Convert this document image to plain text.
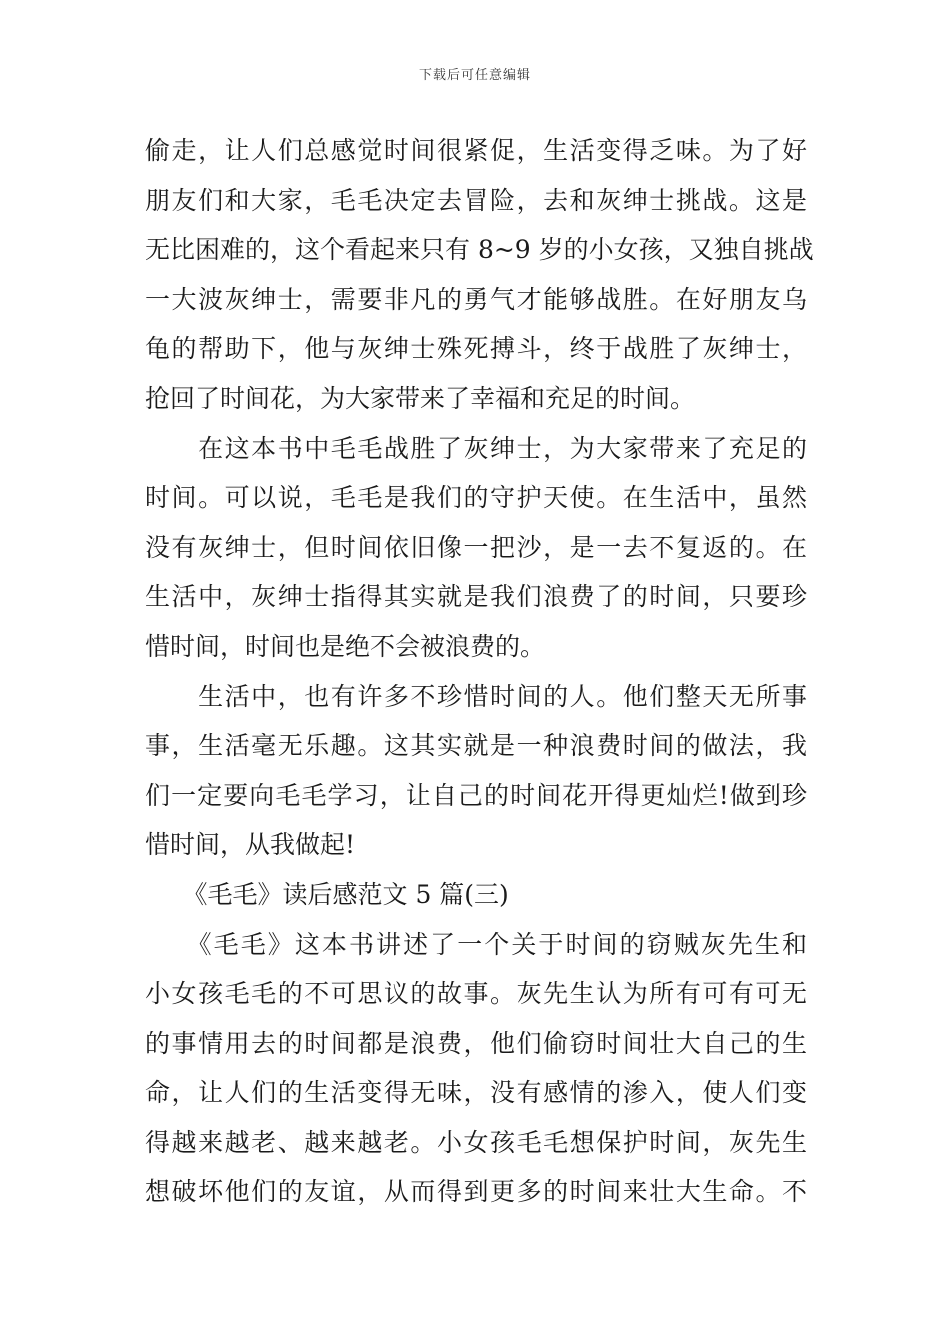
下载后可任意编辑
偷走，让人们总感觉时间很紧促，生活变得乏味。为了好
朋友们和大家，毛毛决定去冒险，去和灰绅士挑战。这是
无比困难的，这个看起来只有 8~9 岁的小女孩，又独自挑战
一大波灰绅士，需要非凡的勇气才能够战胜。在好朋友乌
龟的帮助下，他与灰绅士殊死搏斗，终于战胜了灰绅士，
抢回了时间花，为大家带来了幸福和充足的时间。
　　在这本书中毛毛战胜了灰绅士，为大家带来了充足的
时间。可以说，毛毛是我们的守护天使。在生活中，虽然
没有灰绅士，但时间依旧像一把沙，是一去不复返的。在
生活中，灰绅士指得其实就是我们浪费了的时间，只要珍
惜时间，时间也是绝不会被浪费的。
　　生活中，也有许多不珍惜时间的人。他们整天无所事
事，生活毫无乐趣。这其实就是一种浪费时间的做法，我
们一定要向毛毛学习，让自己的时间花开得更灿烂!做到珍
惜时间，从我做起!
　　《毛毛》读后感范文 5 篇(三)
　　《毛毛》这本书讲述了一个关于时间的窃贼灰先生和
小女孩毛毛的不可思议的故事。灰先生认为所有可有可无
的事情用去的时间都是浪费，他们偷窃时间壮大自己的生
命，让人们的生活变得无味，没有感情的渗入，使人们变
得越来越老、越来越老。小女孩毛毛想保护时间，灰先生
想破坏他们的友谊，从而得到更多的时间来壮大生命。不
